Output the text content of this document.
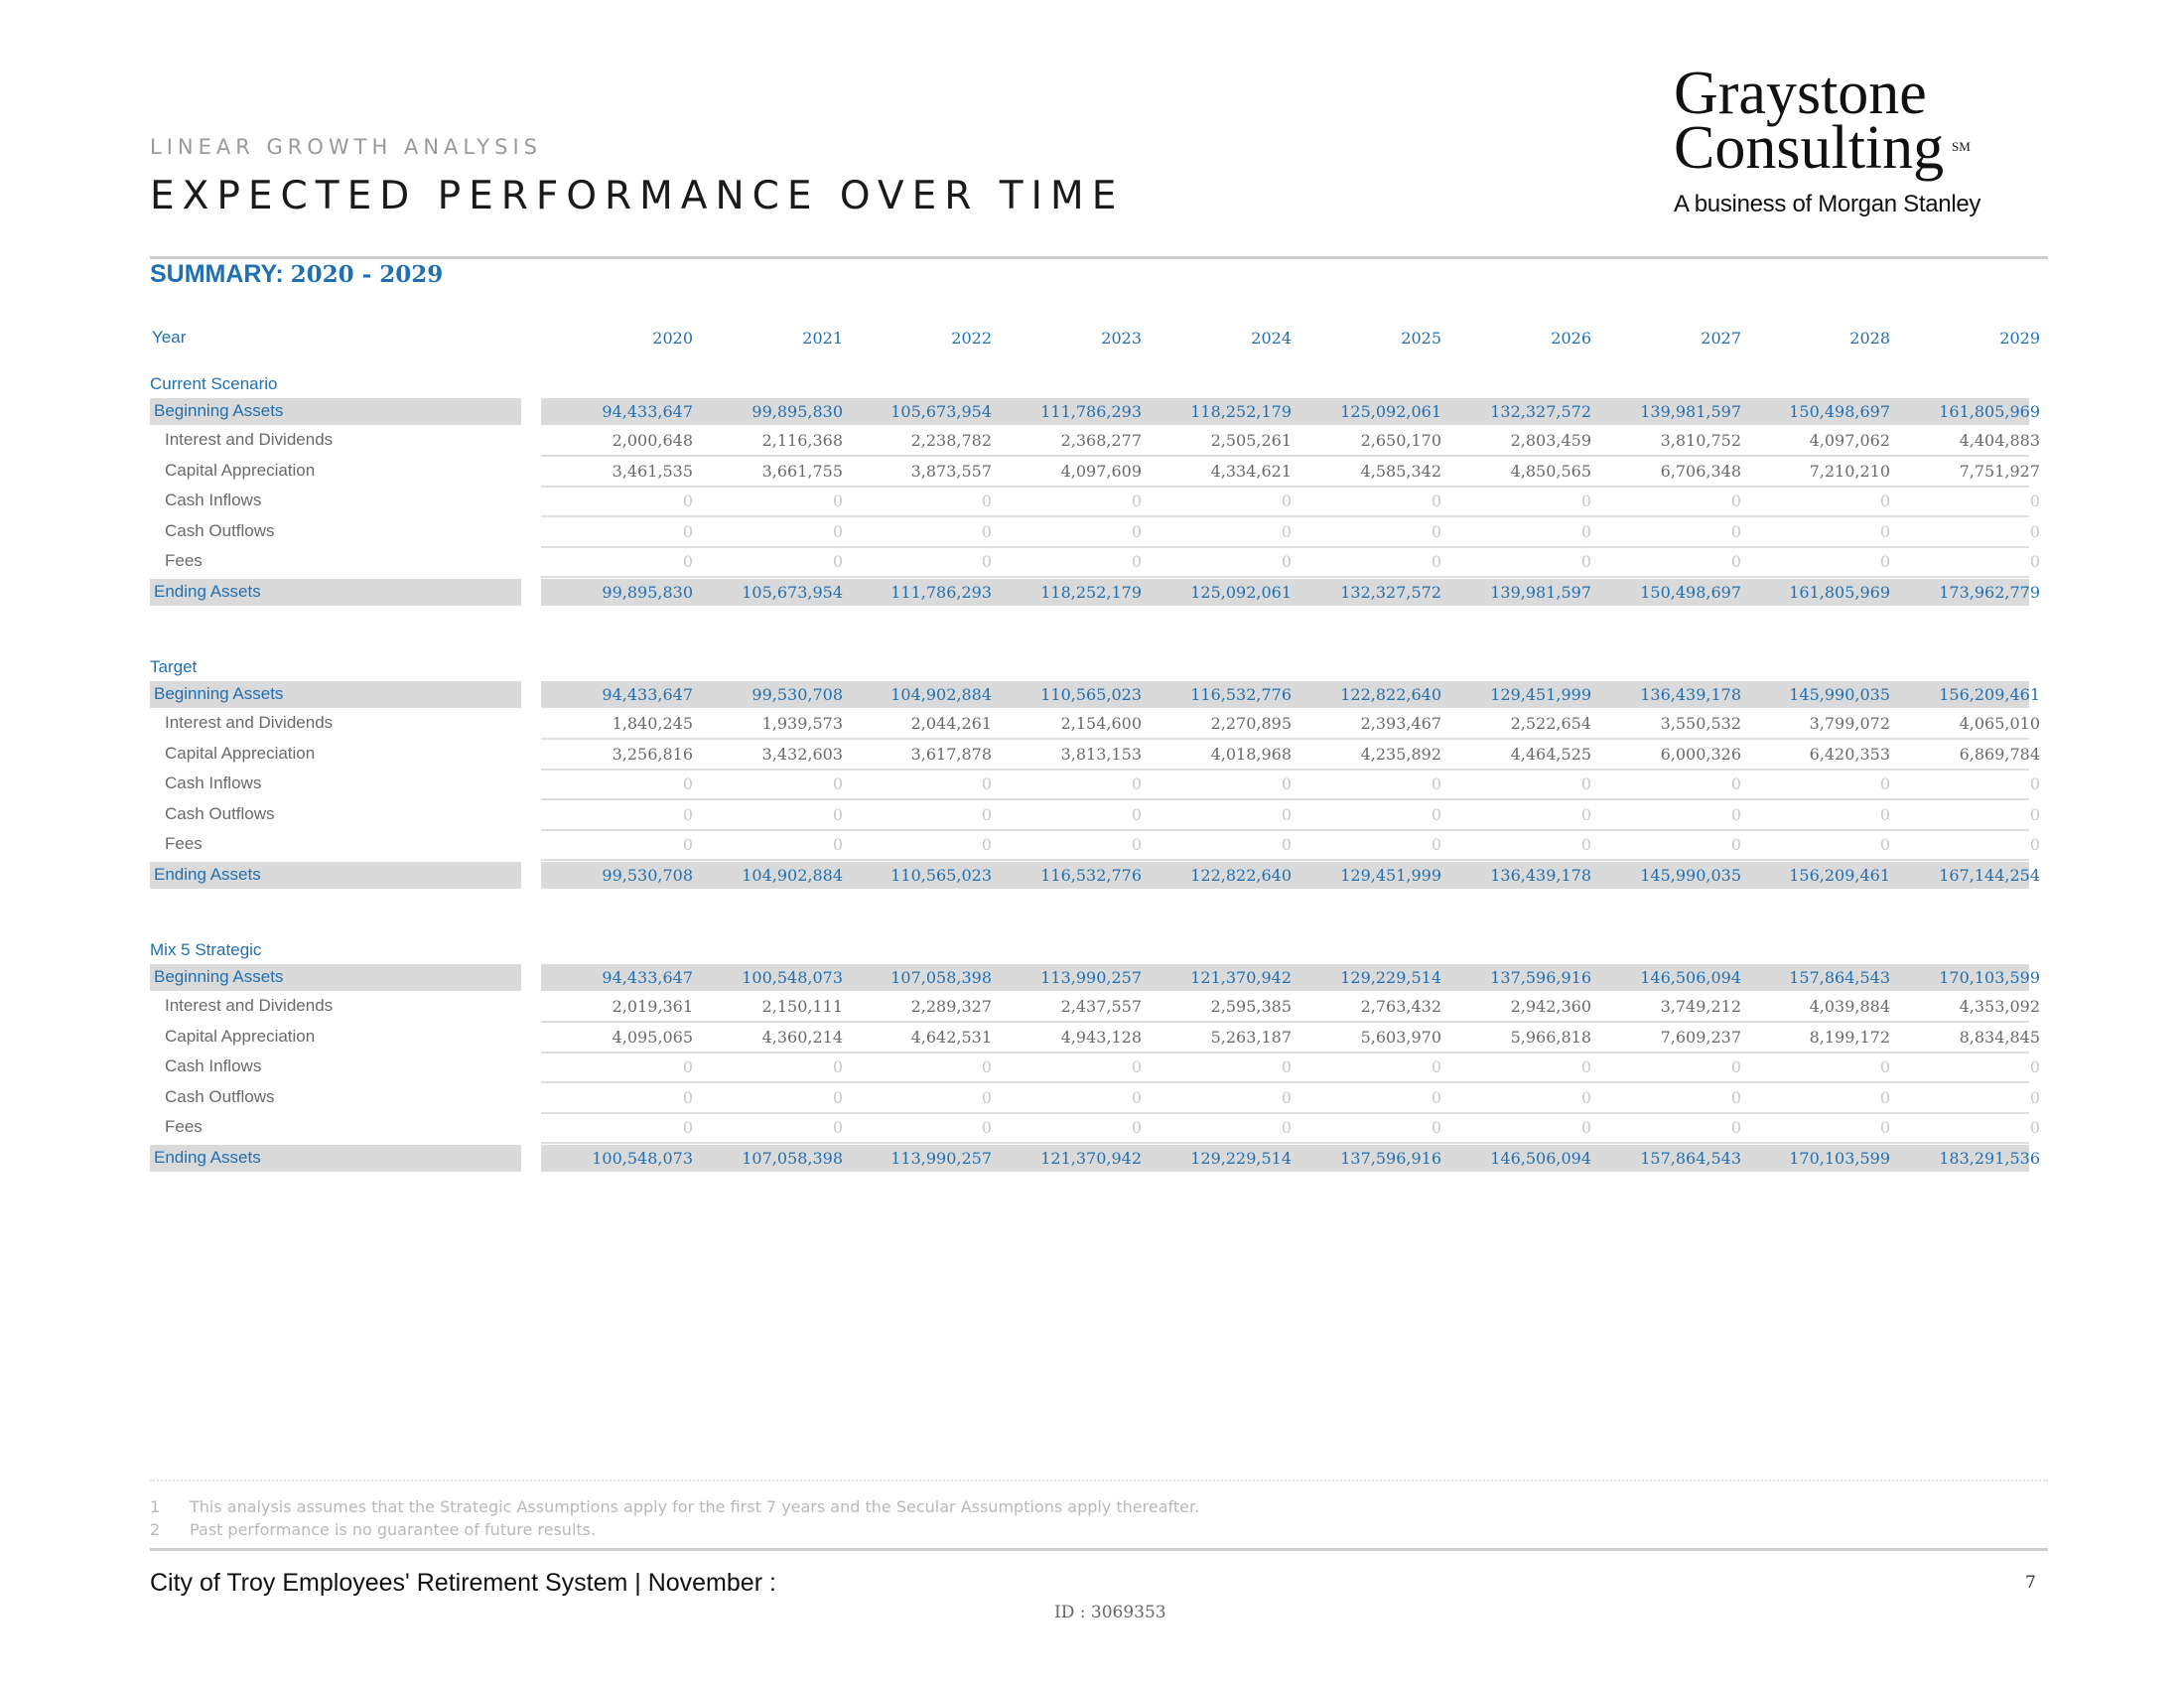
LINEAR GROWTH ANALYSIS
EXPECTED PERFORMANCE OVER TIME
Graystone
Consulting SM
A business of Morgan Stanley
SUMMARY: 2020 - 2029
Year	2020	2021	2022	2023	2024	2025	2026	2027	2028	2029
Current Scenario
Beginning Assets	94,433,647	99,895,830	105,673,954	111,786,293	118,252,179	125,092,061	132,327,572	139,981,597	150,498,697	161,805,969
Interest and Dividends	2,000,648	2,116,368	2,238,782	2,368,277	2,505,261	2,650,170	2,803,459	3,810,752	4,097,062	4,404,883
Capital Appreciation	3,461,535	3,661,755	3,873,557	4,097,609	4,334,621	4,585,342	4,850,565	6,706,348	7,210,210	7,751,927
Cash Inflows	0	0	0	0	0	0	0	0	0	0
Cash Outflows	0	0	0	0	0	0	0	0	0	0
Fees	0	0	0	0	0	0	0	0	0	0
Ending Assets	99,895,830	105,673,954	111,786,293	118,252,179	125,092,061	132,327,572	139,981,597	150,498,697	161,805,969	173,962,779
Target
Beginning Assets	94,433,647	99,530,708	104,902,884	110,565,023	116,532,776	122,822,640	129,451,999	136,439,178	145,990,035	156,209,461
Interest and Dividends	1,840,245	1,939,573	2,044,261	2,154,600	2,270,895	2,393,467	2,522,654	3,550,532	3,799,072	4,065,010
Capital Appreciation	3,256,816	3,432,603	3,617,878	3,813,153	4,018,968	4,235,892	4,464,525	6,000,326	6,420,353	6,869,784
Cash Inflows	0	0	0	0	0	0	0	0	0	0
Cash Outflows	0	0	0	0	0	0	0	0	0	0
Fees	0	0	0	0	0	0	0	0	0	0
Ending Assets	99,530,708	104,902,884	110,565,023	116,532,776	122,822,640	129,451,999	136,439,178	145,990,035	156,209,461	167,144,254
Mix 5 Strategic
Beginning Assets	94,433,647	100,548,073	107,058,398	113,990,257	121,370,942	129,229,514	137,596,916	146,506,094	157,864,543	170,103,599
Interest and Dividends	2,019,361	2,150,111	2,289,327	2,437,557	2,595,385	2,763,432	2,942,360	3,749,212	4,039,884	4,353,092
Capital Appreciation	4,095,065	4,360,214	4,642,531	4,943,128	5,263,187	5,603,970	5,966,818	7,609,237	8,199,172	8,834,845
Cash Inflows	0	0	0	0	0	0	0	0	0	0
Cash Outflows	0	0	0	0	0	0	0	0	0	0
Fees	0	0	0	0	0	0	0	0	0	0
Ending Assets	100,548,073	107,058,398	113,990,257	121,370,942	129,229,514	137,596,916	146,506,094	157,864,543	170,103,599	183,291,536
1 This analysis assumes that the Strategic Assumptions apply for the first 7 years and the Secular Assumptions apply thereafter.
2 Past performance is no guarantee of future results.
City of Troy Employees' Retirement System | November :	7
ID : 3069353
